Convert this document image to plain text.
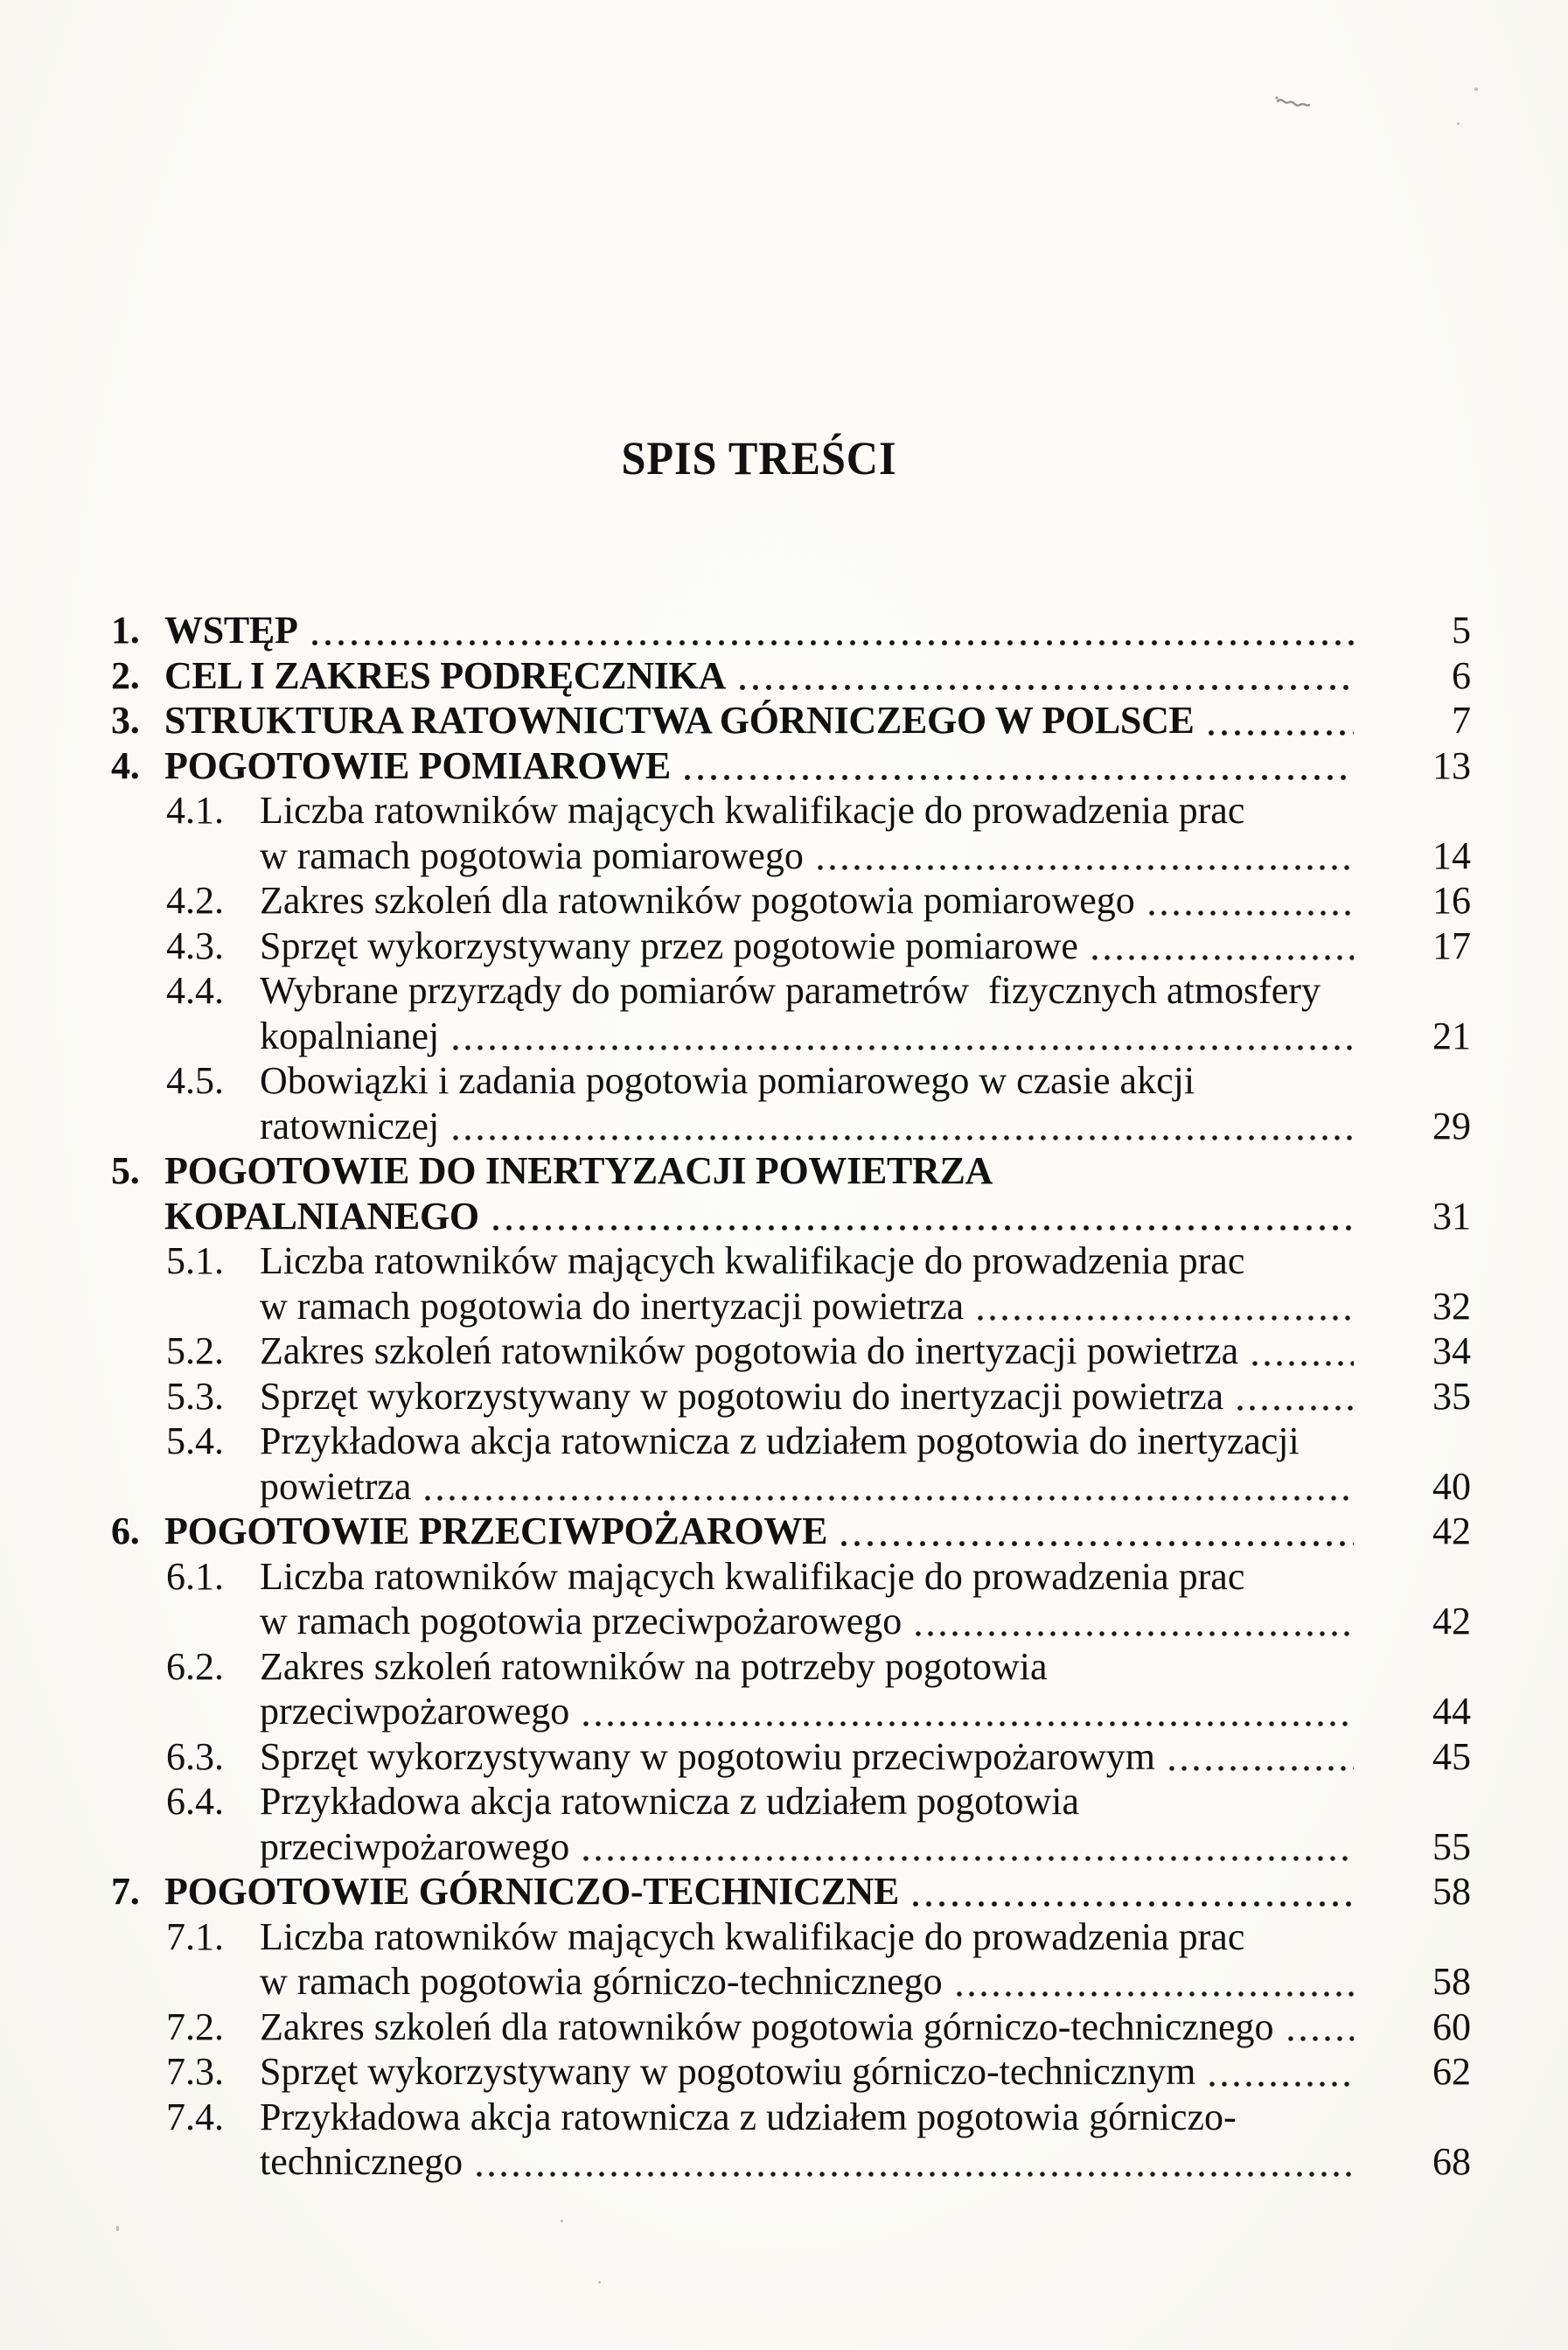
SPIS TREŚCI
1. WSTĘP	5
2. CEL I ZAKRES PODRĘCZNIKA	6
3. STRUKTURA RATOWNICTWA GÓRNICZEGO W POLSCE	7
4. POGOTOWIE POMIAROWE	13
4.1. Liczba ratowników mających kwalifikacje do prowadzenia prac
w ramach pogotowia pomiarowego	14
4.2. Zakres szkoleń dla ratowników pogotowia pomiarowego	16
4.3. Sprzęt wykorzystywany przez pogotowie pomiarowe	17
4.4. Wybrane przyrządy do pomiarów parametrów  fizycznych atmosfery
kopalnianej	21
4.5. Obowiązki i zadania pogotowia pomiarowego w czasie akcji
ratowniczej	29
5. POGOTOWIE DO INERTYZACJI POWIETRZA
KOPALNIANEGO	31
5.1. Liczba ratowników mających kwalifikacje do prowadzenia prac
w ramach pogotowia do inertyzacji powietrza	32
5.2. Zakres szkoleń ratowników pogotowia do inertyzacji powietrza	34
5.3. Sprzęt wykorzystywany w pogotowiu do inertyzacji powietrza	35
5.4. Przykładowa akcja ratownicza z udziałem pogotowia do inertyzacji
powietrza	40
6. POGOTOWIE PRZECIWPOŻAROWE	42
6.1. Liczba ratowników mających kwalifikacje do prowadzenia prac
w ramach pogotowia przeciwpożarowego	42
6.2. Zakres szkoleń ratowników na potrzeby pogotowia
przeciwpożarowego	44
6.3. Sprzęt wykorzystywany w pogotowiu przeciwpożarowym	45
6.4. Przykładowa akcja ratownicza z udziałem pogotowia
przeciwpożarowego	55
7. POGOTOWIE GÓRNICZO-TECHNICZNE	58
7.1. Liczba ratowników mających kwalifikacje do prowadzenia prac
w ramach pogotowia górniczo-technicznego	58
7.2. Zakres szkoleń dla ratowników pogotowia górniczo-technicznego	60
7.3. Sprzęt wykorzystywany w pogotowiu górniczo-technicznym	62
7.4. Przykładowa akcja ratownicza z udziałem pogotowia górniczo-
technicznego	68
